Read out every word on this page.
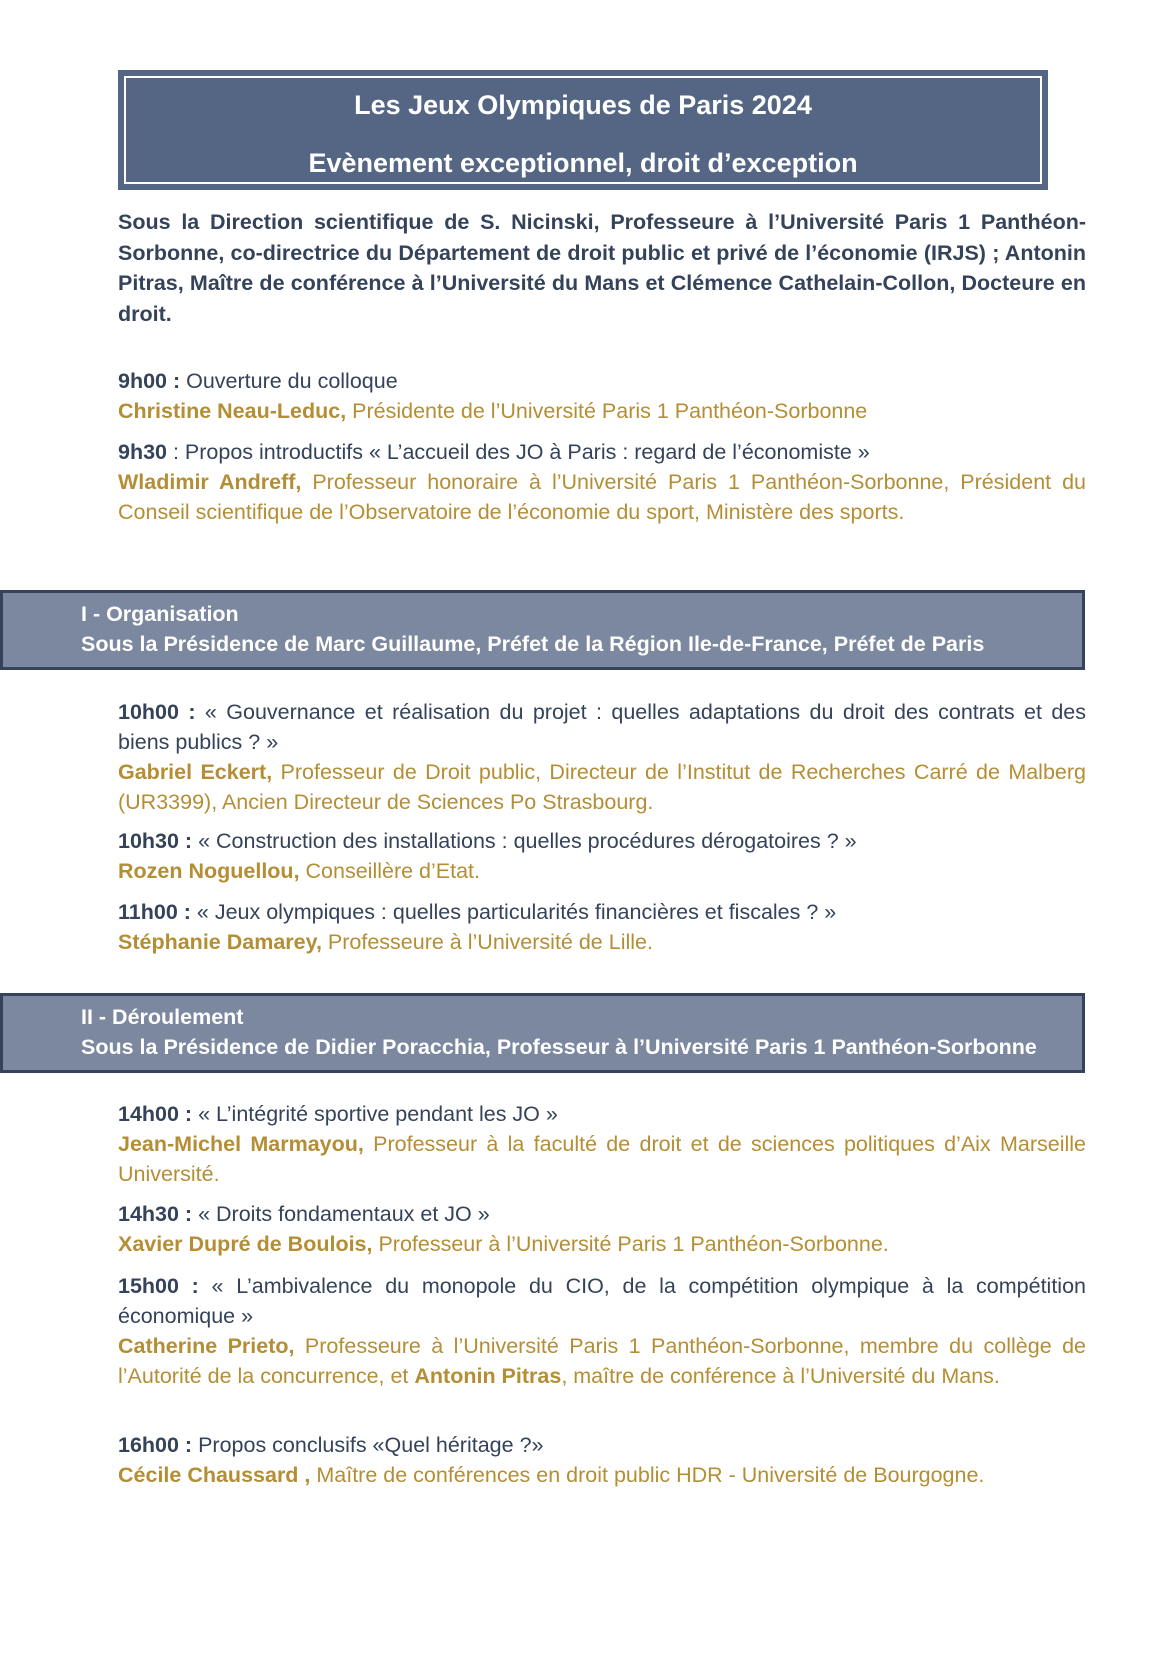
Les Jeux Olympiques de Paris 2024
Evènement exceptionnel, droit d’exception
Sous la Direction scientifique de S. Nicinski, Professeure à l’Université Paris 1 Panthéon-Sorbonne, co-directrice du Département de droit public et privé de l’économie (IRJS) ; Antonin Pitras, Maître de conférence à l’Université du Mans et Clémence Cathelain-Collon, Docteure en droit.
9h00 : Ouverture du colloque
Christine Neau-Leduc, Présidente de l’Université Paris 1 Panthéon-Sorbonne
9h30 : Propos introductifs « L’accueil des JO à Paris : regard de l’économiste »
Wladimir Andreff, Professeur honoraire à l’Université Paris 1 Panthéon-Sorbonne, Président du Conseil scientifique de l’Observatoire de l’économie du sport, Ministère des sports.
I - Organisation
Sous la Présidence de Marc Guillaume, Préfet de la Région Ile-de-France, Préfet de Paris
10h00 : « Gouvernance et réalisation du projet : quelles adaptations du droit des contrats et des biens publics ? »
Gabriel Eckert, Professeur de Droit public, Directeur de l’Institut de Recherches Carré de Malberg (UR3399), Ancien Directeur de Sciences Po Strasbourg.
10h30 : « Construction des installations : quelles procédures dérogatoires ? »
Rozen Noguellou, Conseillère d’Etat.
11h00 : « Jeux olympiques : quelles particularités financières et fiscales ? »
Stéphanie Damarey, Professeure à l’Université de Lille.
II - Déroulement
Sous la Présidence de Didier Poracchia, Professeur à l’Université Paris 1 Panthéon-Sorbonne
14h00 : « L’intégrité sportive pendant les JO »
Jean-Michel Marmayou, Professeur à la faculté de droit et de sciences politiques d’Aix Marseille Université.
14h30 : « Droits fondamentaux et JO »
Xavier Dupré de Boulois, Professeur à l’Université Paris 1 Panthéon-Sorbonne.
15h00 : « L’ambivalence du monopole du CIO, de la compétition olympique à la compétition économique »
Catherine Prieto, Professeure à l’Université Paris 1 Panthéon-Sorbonne, membre du collège de l’Autorité de la concurrence, et Antonin Pitras, maître de conférence à l’Université du Mans.
16h00 : Propos conclusifs «Quel héritage ?»
Cécile Chaussard , Maître de conférences en droit public HDR - Université de Bourgogne.
